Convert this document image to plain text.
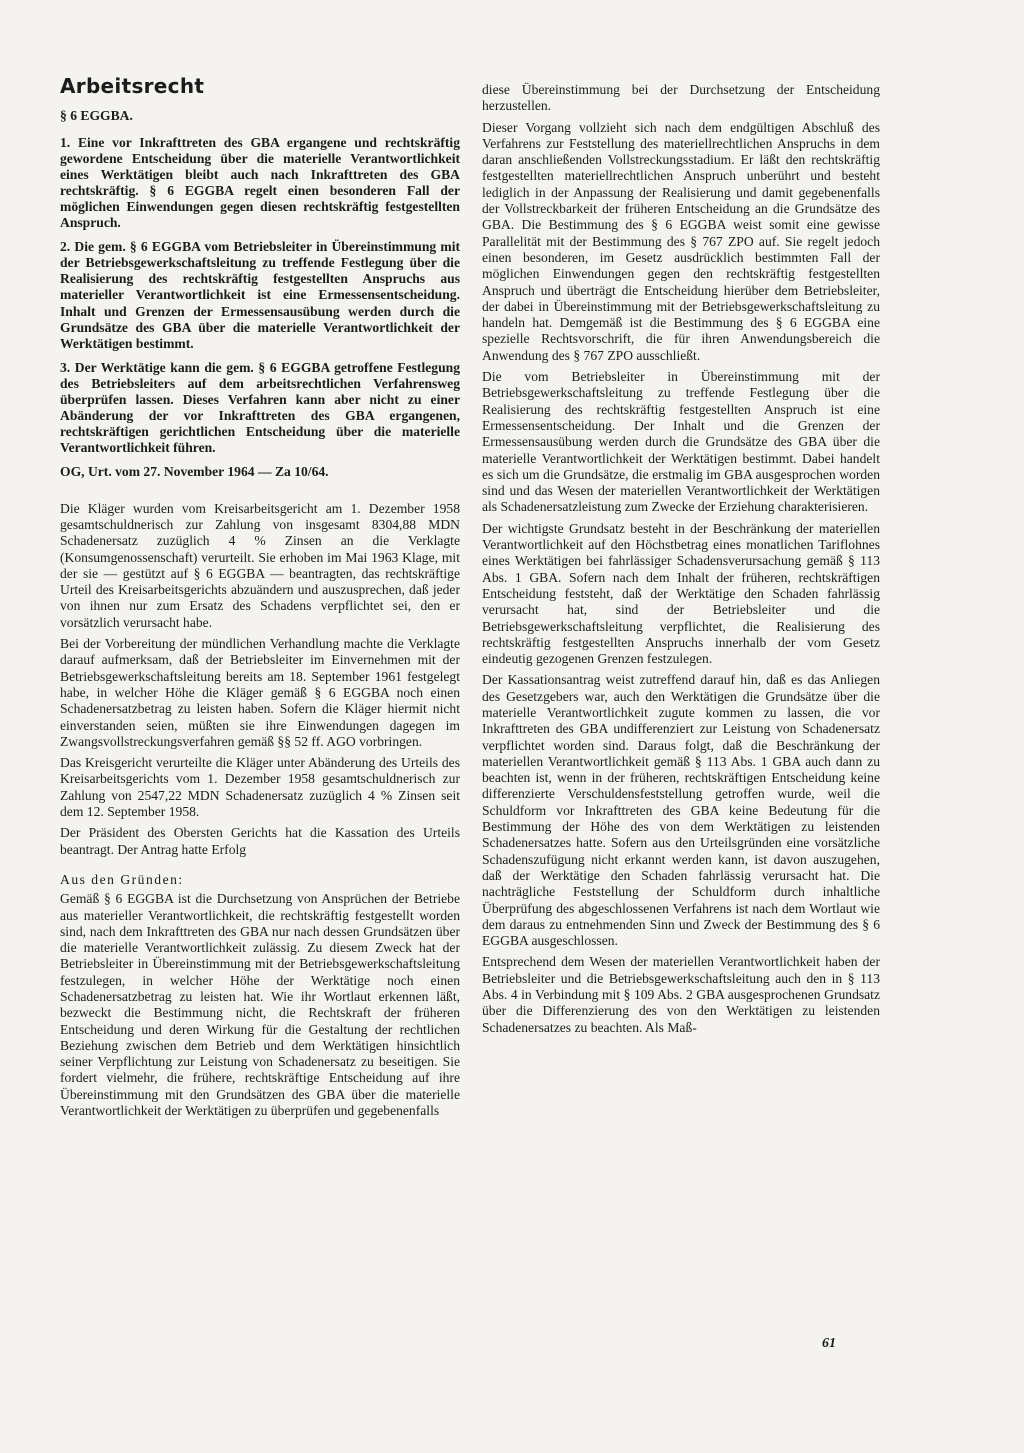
Arbeitsrecht
§ 6 EGGBA.

1. Eine vor Inkrafttreten des GBA ergangene und rechtskräftig gewordene Entscheidung über die materielle Verantwortlichkeit eines Werktätigen bleibt auch nach Inkrafttreten des GBA rechtskräftig. § 6 EGGBA regelt einen besonderen Fall der möglichen Einwendungen gegen diesen rechtskräftig festgestellten Anspruch.

2. Die gem. § 6 EGGBA vom Betriebsleiter in Übereinstimmung mit der Betriebsgewerkschaftsleitung zu treffende Festlegung über die Realisierung des rechtskräftig festgestellten Anspruchs aus materieller Verantwortlichkeit ist eine Ermessensentscheidung. Inhalt und Grenzen der Ermessensausübung werden durch die Grundsätze des GBA über die materielle Verantwortlichkeit der Werktätigen bestimmt.

3. Der Werktätige kann die gem. § 6 EGGBA getroffene Festlegung des Betriebsleiters auf dem arbeitsrechtlichen Verfahrensweg überprüfen lassen. Dieses Verfahren kann aber nicht zu einer Abänderung der vor Inkrafttreten des GBA ergangenen, rechtskräftigen gerichtlichen Entscheidung über die materielle Verantwortlichkeit führen.

OG, Urt. vom 27. November 1964 — Za 10/64.

Die Kläger wurden vom Kreisarbeitsgericht am 1. Dezember 1958 gesamtschuldnerisch zur Zahlung von insgesamt 8304,88 MDN Schadenersatz zuzüglich 4 % Zinsen an die Verklagte (Konsumgenossenschaft) verurteilt. Sie erhoben im Mai 1963 Klage, mit der sie — gestützt auf § 6 EGGBA — beantragten, das rechtskräftige Urteil des Kreisarbeitsgerichts abzuändern und auszusprechen, daß jeder von ihnen nur zum Ersatz des Schadens verpflichtet sei, den er vorsätzlich verursacht habe.

Bei der Vorbereitung der mündlichen Verhandlung machte die Verklagte darauf aufmerksam, daß der Betriebsleiter im Einvernehmen mit der Betriebsgewerkschaftsleitung bereits am 18. September 1961 festgelegt habe, in welcher Höhe die Kläger gemäß § 6 EGGBA noch einen Schadenersatzbetrag zu leisten haben. Sofern die Kläger hiermit nicht einverstanden seien, müßten sie ihre Einwendungen dagegen im Zwangsvollstreckungsverfahren gemäß §§ 52 ff. AGO vorbringen.

Das Kreisgericht verurteilte die Kläger unter Abänderung des Urteils des Kreisarbeitsgerichts vom 1. Dezember 1958 gesamtschuldnerisch zur Zahlung von 2547,22 MDN Schadenersatz zuzüglich 4 % Zinsen seit dem 12. September 1958.

Der Präsident des Obersten Gerichts hat die Kassation des Urteils beantragt. Der Antrag hatte Erfolg

Aus den Gründen:

Gemäß § 6 EGGBA ist die Durchsetzung von Ansprüchen der Betriebe aus materieller Verantwortlichkeit, die rechtskräftig festgestellt worden sind, nach dem Inkrafttreten des GBA nur nach dessen Grundsätzen über die materielle Verantwortlichkeit zulässig. Zu diesem Zweck hat der Betriebsleiter in Übereinstimmung mit der Betriebsgewerkschaftsleitung festzulegen, in welcher Höhe der Werktätige noch einen Schadenersatzbetrag zu leisten hat. Wie ihr Wortlaut erkennen läßt, bezweckt die Bestimmung nicht, die Rechtskraft der früheren Entscheidung und deren Wirkung für die Gestaltung der rechtlichen Beziehung zwischen dem Betrieb und dem Werktätigen hinsichtlich seiner Verpflichtung zur Leistung von Schadenersatz zu beseitigen. Sie fordert vielmehr, die frühere, rechtskräftige Entscheidung auf ihre Übereinstimmung mit den Grundsätzen des GBA über die materielle Verantwortlichkeit der Werktätigen zu überprüfen und gegebenenfalls

diese Übereinstimmung bei der Durchsetzung der Entscheidung herzustellen.

Dieser Vorgang vollzieht sich nach dem endgültigen Abschluß des Verfahrens zur Feststellung des materiellrechtlichen Anspruchs in dem daran anschließenden Vollstreckungsstadium. Er läßt den rechtskräftig festgestellten materiellrechtlichen Anspruch unberührt und besteht lediglich in der Anpassung der Realisierung und damit gegebenenfalls der Vollstreckbarkeit der früheren Entscheidung an die Grundsätze des GBA. Die Bestimmung des § 6 EGGBA weist somit eine gewisse Parallelität mit der Bestimmung des § 767 ZPO auf. Sie regelt jedoch einen besonderen, im Gesetz ausdrücklich bestimmten Fall der möglichen Einwendungen gegen den rechtskräftig festgestellten Anspruch und überträgt die Entscheidung hierüber dem Betriebsleiter, der dabei in Übereinstimmung mit der Betriebsgewerkschaftsleitung zu handeln hat. Demgemäß ist die Bestimmung des § 6 EGGBA eine spezielle Rechtsvorschrift, die für ihren Anwendungsbereich die Anwendung des § 767 ZPO ausschließt.

Die vom Betriebsleiter in Übereinstimmung mit der Betriebsgewerkschaftsleitung zu treffende Festlegung über die Realisierung des rechtskräftig festgestellten Anspruch ist eine Ermessensentscheidung. Der Inhalt und die Grenzen der Ermessensausübung werden durch die Grundsätze des GBA über die materielle Verantwortlichkeit der Werktätigen bestimmt. Dabei handelt es sich um die Grundsätze, die erstmalig im GBA ausgesprochen worden sind und das Wesen der materiellen Verantwortlichkeit der Werktätigen als Schadenersatzleistung zum Zwecke der Erziehung charakterisieren.

Der wichtigste Grundsatz besteht in der Beschränkung der materiellen Verantwortlichkeit auf den Höchstbetrag eines monatlichen Tariflohnes eines Werktätigen bei fahrlässiger Schadensverursachung gemäß § 113 Abs. 1 GBA. Sofern nach dem Inhalt der früheren, rechtskräftigen Entscheidung feststeht, daß der Werktätige den Schaden fahrlässig verursacht hat, sind der Betriebsleiter und die Betriebsgewerkschaftsleitung verpflichtet, die Realisierung des rechtskräftig festgestellten Anspruchs innerhalb der vom Gesetz eindeutig gezogenen Grenzen festzulegen.

Der Kassationsantrag weist zutreffend darauf hin, daß es das Anliegen des Gesetzgebers war, auch den Werktätigen die Grundsätze über die materielle Verantwortlichkeit zugute kommen zu lassen, die vor Inkrafttreten des GBA undifferenziert zur Leistung von Schadenersatz verpflichtet worden sind. Daraus folgt, daß die Beschränkung der materiellen Verantwortlichkeit gemäß § 113 Abs. 1 GBA auch dann zu beachten ist, wenn in der früheren, rechtskräftigen Entscheidung keine differenzierte Verschuldensfeststellung getroffen wurde, weil die Schuldform vor Inkrafttreten des GBA keine Bedeutung für die Bestimmung der Höhe des von dem Werktätigen zu leistenden Schadenersatzes hatte. Sofern aus den Urteilsgründen eine vorsätzliche Schadenszufügung nicht erkannt werden kann, ist davon auszugehen, daß der Werktätige den Schaden fahrlässig verursacht hat. Die nachträgliche Feststellung der Schuldform durch inhaltliche Überprüfung des abgeschlossenen Verfahrens ist nach dem Wortlaut wie dem daraus zu entnehmenden Sinn und Zweck der Bestimmung des § 6 EGGBA ausgeschlossen.

Entsprechend dem Wesen der materiellen Verantwortlichkeit haben der Betriebsleiter und die Betriebsgewerkschaftsleitung auch den in § 113 Abs. 4 in Verbindung mit § 109 Abs. 2 GBA ausgesprochenen Grundsatz über die Differenzierung des von den Werktätigen zu leistenden Schadenersatzes zu beachten. Als Maß-

61
